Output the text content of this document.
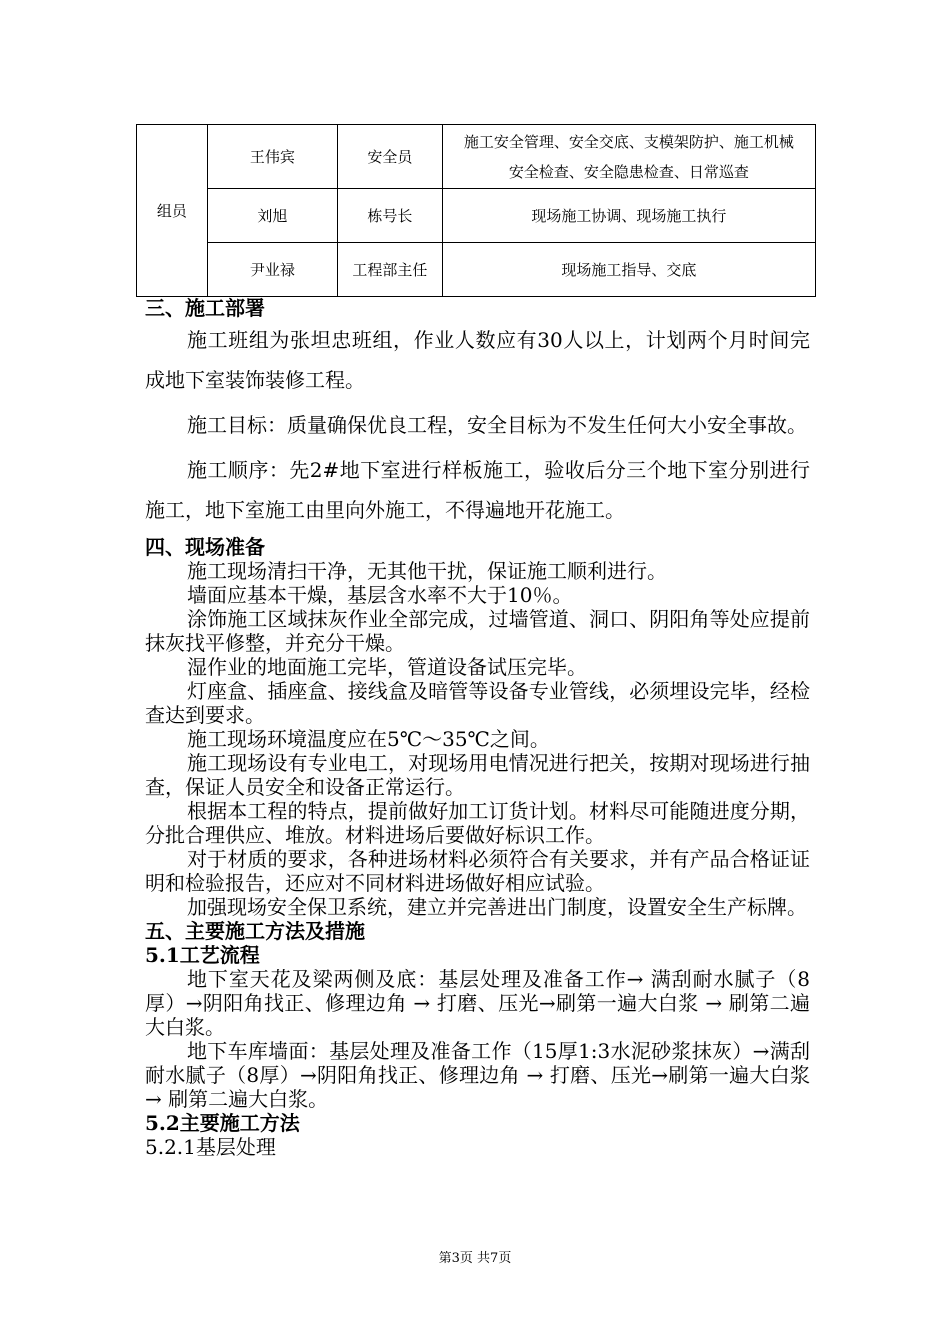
组员	王伟宾	安全员	施工安全管理、安全交底、支模架防护、施工机械
安全检查、安全隐患检查、日常巡查

	刘旭	栋号长	现场施工协调、现场施工执行
	尹业禄	工程部主任	现场施工指导、交底

三、施工部署

施工班组为张坦忠班组，作业人数应有30人以上，计划两个月时间完成地下室装饰装修工程。

施工目标：质量确保优良工程，安全目标为不发生任何大小安全事故。

施工顺序：先2#地下室进行样板施工，验收后分三个地下室分别进行施工，地下室施工由里向外施工，不得遍地开花施工。

四、现场准备

施工现场清扫干净，无其他干扰，保证施工顺利进行。

墙面应基本干燥，基层含水率不大于10％。

涂饰施工区域抹灰作业全部完成，过墙管道、洞口、阴阳角等处应提前抹灰找平修整，并充分干燥。

湿作业的地面施工完毕，管道设备试压完毕。

灯座盒、插座盒、接线盒及暗管等设备专业管线，必须埋设完毕，经检查达到要求。

施工现场环境温度应在5℃～35℃之间。

施工现场设有专业电工，对现场用电情况进行把关，按期对现场进行抽查，保证人员安全和设备正常运行。

根据本工程的特点，提前做好加工订货计划。材料尽可能随进度分期，分批合理供应、堆放。材料进场后要做好标识工作。

对于材质的要求，各种进场材料必须符合有关要求，并有产品合格证证明和检验报告，还应对不同材料进场做好相应试验。

加强现场安全保卫系统，建立并完善进出门制度，设置安全生产标牌。

五、主要施工方法及措施

5.1工艺流程

地下室天花及梁两侧及底：基层处理及准备工作→ 满刮耐水腻子（8厚）→阴阳角找正、修理边角 → 打磨、压光→刷第一遍大白浆 → 刷第二遍大白浆。

地下车库墙面：基层处理及准备工作（15厚1:3水泥砂浆抹灰）→满刮耐水腻子（8厚）→阴阳角找正、修理边角 → 打磨、压光→刷第一遍大白浆 → 刷第二遍大白浆。

5.2主要施工方法

5.2.1基层处理

第3页 共7页
